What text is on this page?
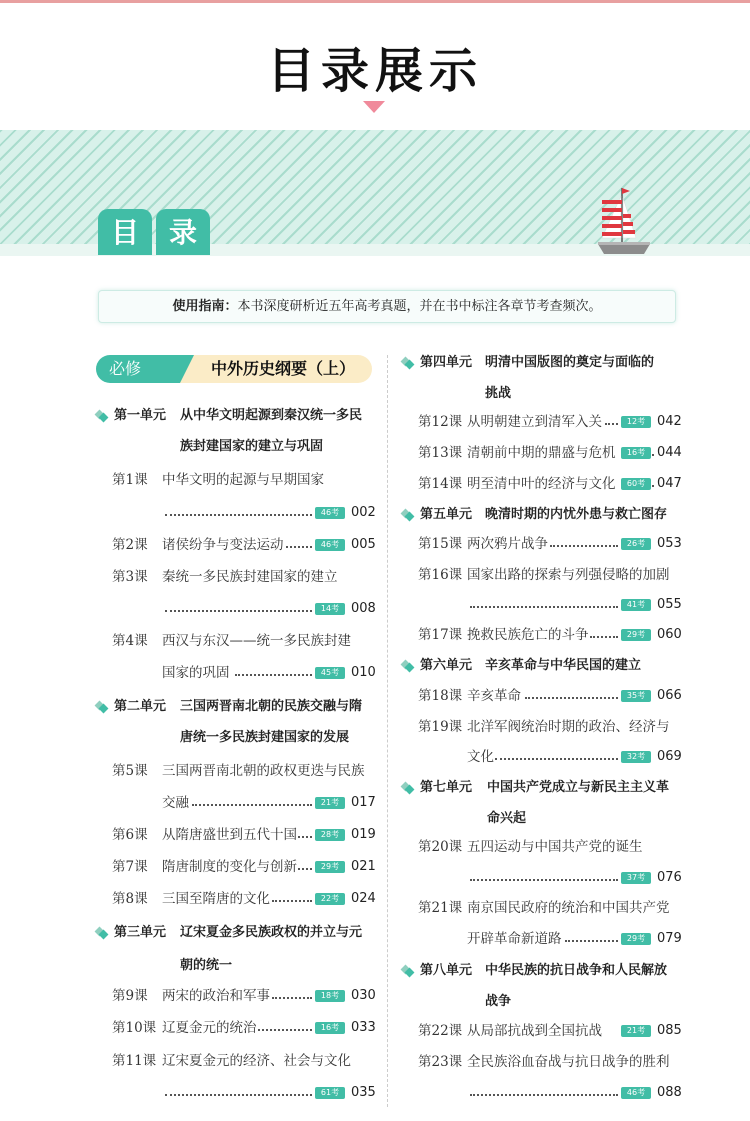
目录展示
目	录
使用指南：本书深度研析近五年高考真题，并在书中标注各章节考查频次。
必修	中外历史纲要（上）
第一单元 从中华文明起源到秦汉统一多民
族封建国家的建立与巩固
第二单元 三国两晋南北朝的民族交融与隋
唐统一多民族封建国家的发展
第三单元 辽宋夏金多民族政权的并立与元
朝的统一
第四单元 明清中国版图的奠定与面临的
挑战
第五单元 晚清时期的内忧外患与救亡图存
第六单元 辛亥革命与中华民国的建立
第七单元 中国共产党成立与新民主主义革
命兴起
第八单元 中华民族的抗日战争和人民解放
战争
第1课 中华文明的起源与早期国家
46考 002
第2课 诸侯纷争与变法运动	46考 005
第3课 秦统一多民族封建国家的建立
14考 008
第4课 西汉与东汉——统一多民族封建
国家的巩固	45考 010
第5课 三国两晋南北朝的政权更迭与民族
交融	21考 017
第6课 从隋唐盛世到五代十国	28考 019
第7课 隋唐制度的变化与创新	29考 021
第8课 三国至隋唐的文化	22考 024
第9课 两宋的政治和军事	18考 030
第10课 辽夏金元的统治	16考 033
第11课 辽宋夏金元的经济、社会与文化
61考 035
第12课 从明朝建立到清军入关	12考 042
第13课 清朝前中期的鼎盛与危机	16考 044
第14课 明至清中叶的经济与文化	60考 047
第15课 两次鸦片战争	26考 053
第16课 国家出路的探索与列强侵略的加剧
41考 055
第17课 挽救民族危亡的斗争	29考 060
第18课 辛亥革命	35考 066
第19课 北洋军阀统治时期的政治、经济与
文化	32考 069
第20课 五四运动与中国共产党的诞生
37考 076
第21课 南京国民政府的统治和中国共产党
开辟革命新道路	29考 079
第22课 从局部抗战到全国抗战	21考 085
第23课 全民族浴血奋战与抗日战争的胜利
46考 088
